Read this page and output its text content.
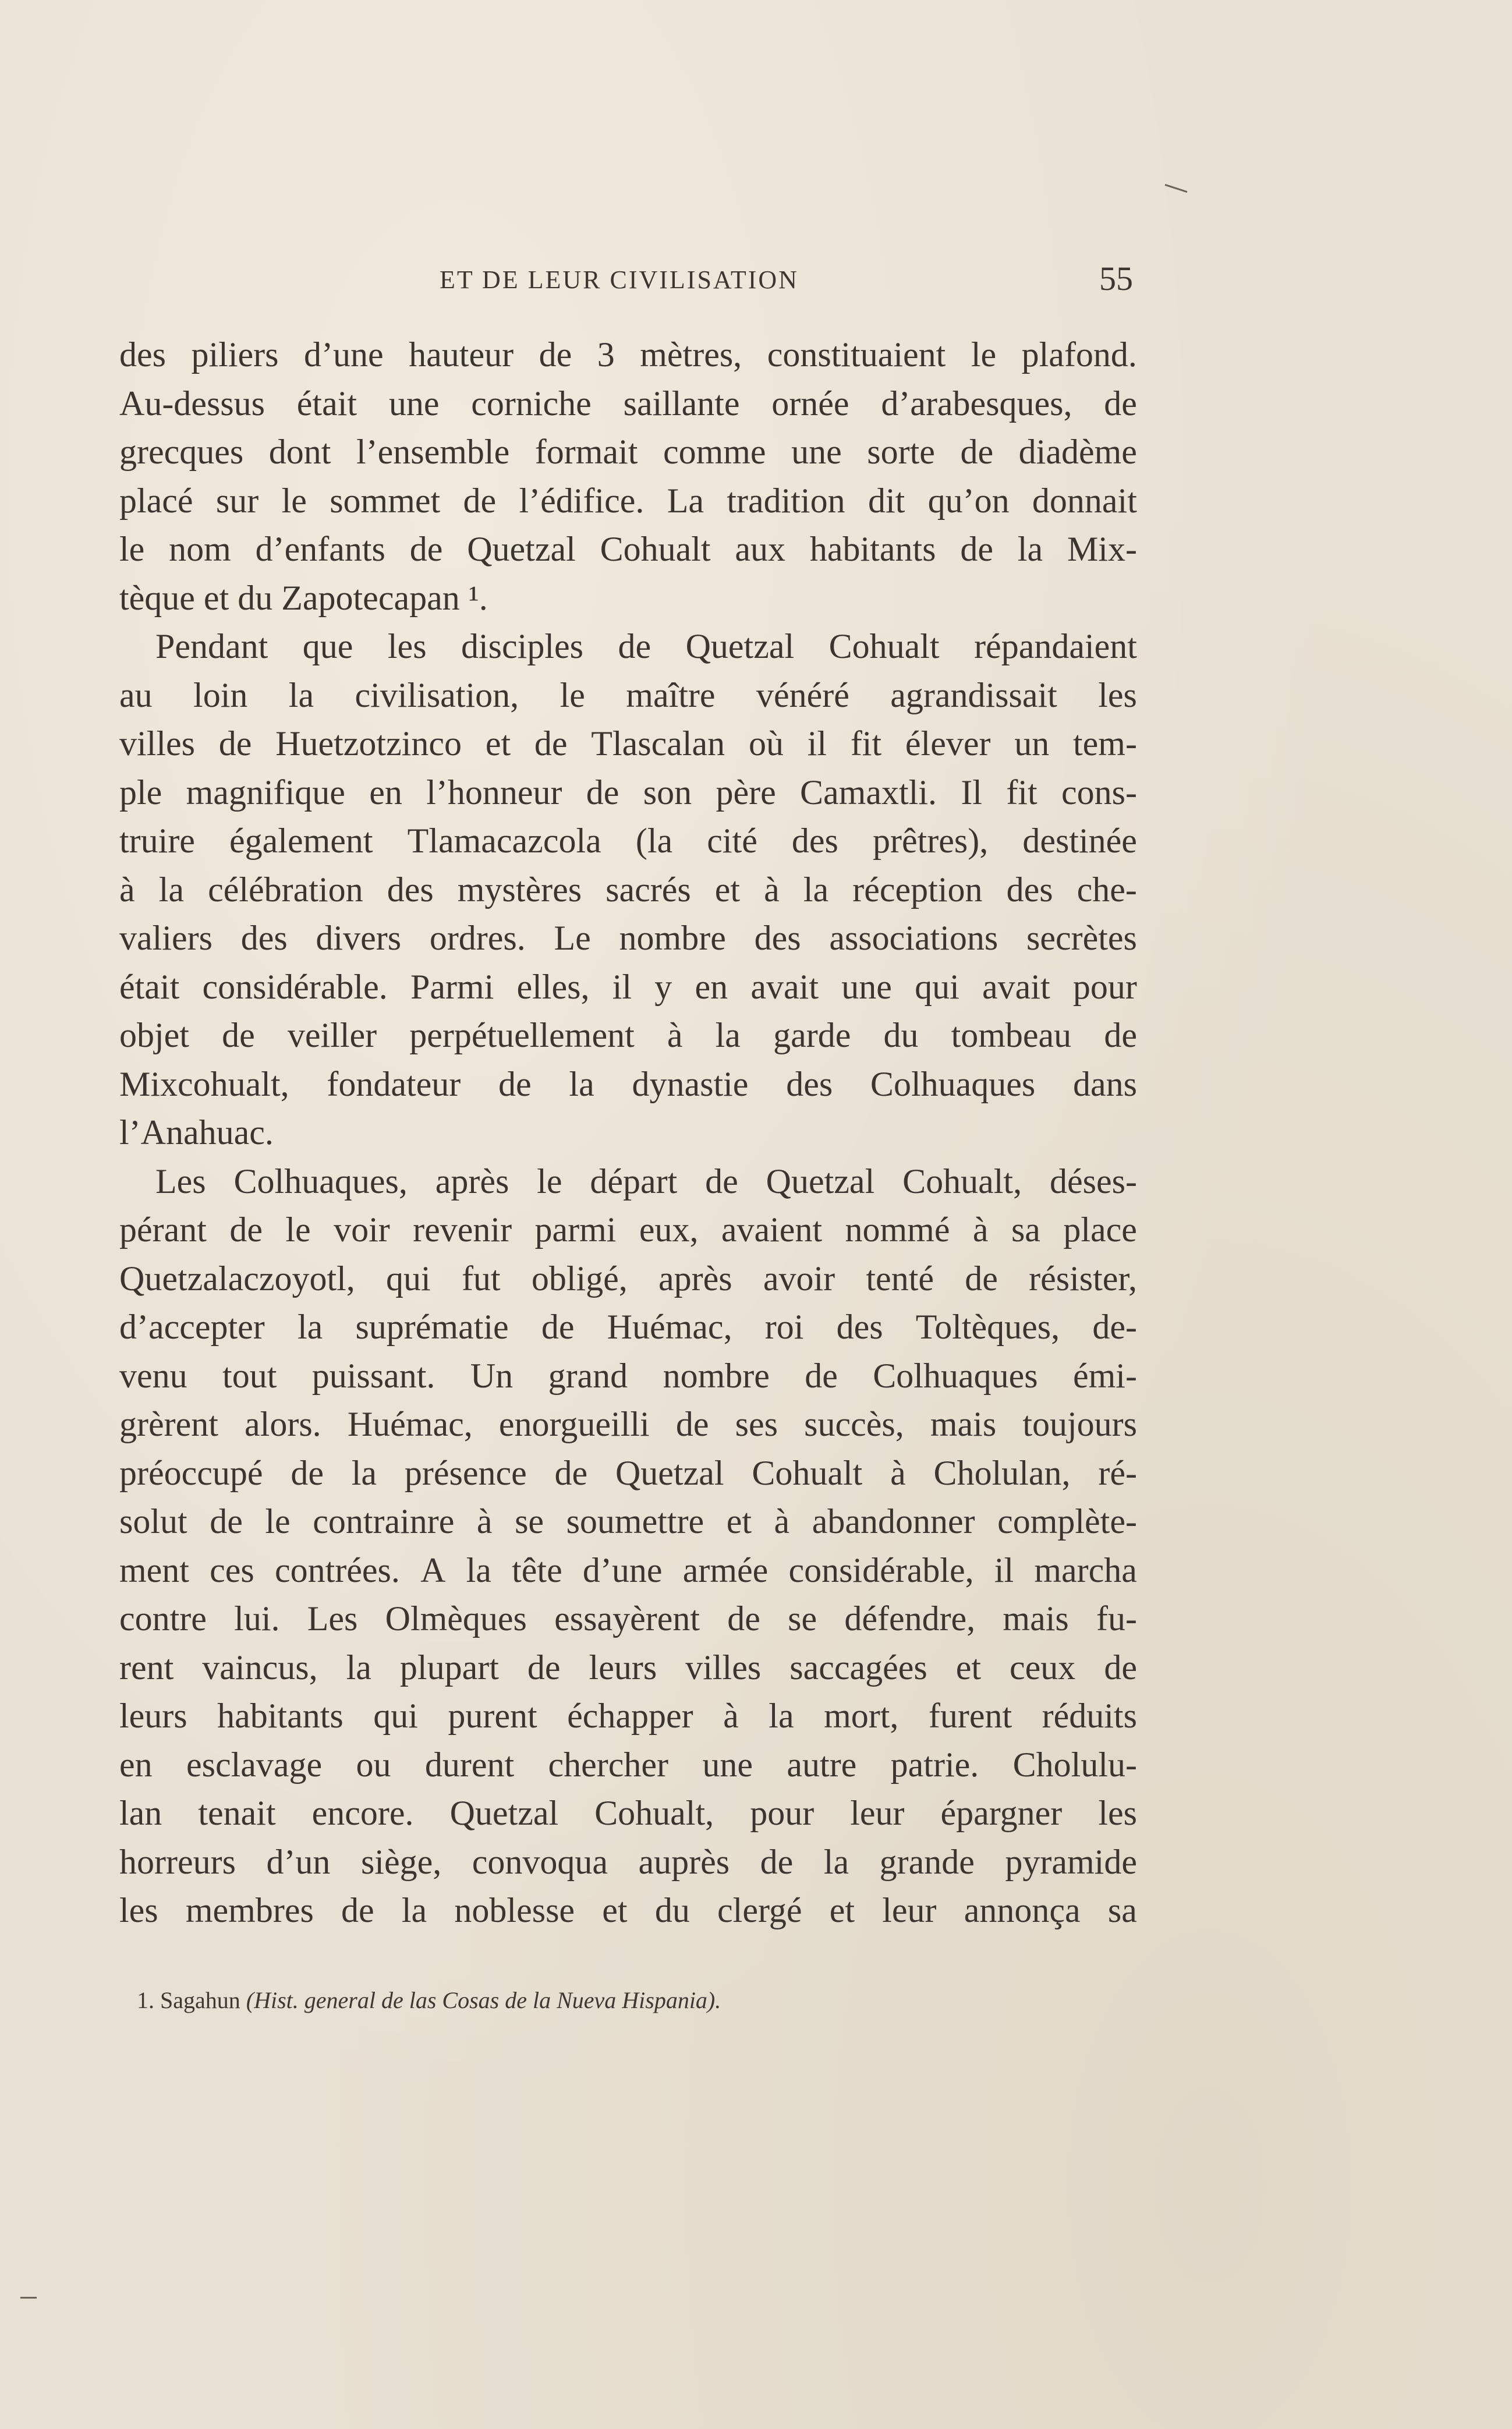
ET DE LEUR CIVILISATION	55
des piliers d’une hauteur de 3 mètres, constituaient le plafond.
Au-dessus était une corniche saillante ornée d’arabesques, de
grecques dont l’ensemble formait comme une sorte de diadème
placé sur le sommet de l’édifice. La tradition dit qu’on donnait
le nom d’enfants de Quetzal Cohualt aux habitants de la Mix-
tèque et du Zapotecapan ¹.
Pendant que les disciples de Quetzal Cohualt répandaient
au loin la civilisation, le maître vénéré agrandissait les
villes de Huetzotzinco et de Tlascalan où il fit élever un tem-
ple magnifique en l’honneur de son père Camaxtli. Il fit cons-
truire également Tlamacazcola (la cité des prêtres), destinée
à la célébration des mystères sacrés et à la réception des che-
valiers des divers ordres. Le nombre des associations secrètes
était considérable. Parmi elles, il y en avait une qui avait pour
objet de veiller perpétuellement à la garde du tombeau de
Mixcohualt, fondateur de la dynastie des Colhuaques dans
l’Anahuac.
Les Colhuaques, après le départ de Quetzal Cohualt, déses-
pérant de le voir revenir parmi eux, avaient nommé à sa place
Quetzalaczoyotl, qui fut obligé, après avoir tenté de résister,
d’accepter la suprématie de Huémac, roi des Toltèques, de-
venu tout puissant. Un grand nombre de Colhuaques émi-
grèrent alors. Huémac, enorgueilli de ses succès, mais toujours
préoccupé de la présence de Quetzal Cohualt à Cholulan, ré-
solut de le contrainre à se soumettre et à abandonner complète-
ment ces contrées. A la tête d’une armée considérable, il marcha
contre lui. Les Olmèques essayèrent de se défendre, mais fu-
rent vaincus, la plupart de leurs villes saccagées et ceux de
leurs habitants qui purent échapper à la mort, furent réduits
en esclavage ou durent chercher une autre patrie. Cholulu-
lan tenait encore. Quetzal Cohualt, pour leur épargner les
horreurs d’un siège, convoqua auprès de la grande pyramide
les membres de la noblesse et du clergé et leur annonça sa
1. Sagahun (Hist. general de las Cosas de la Nueva Hispania).
